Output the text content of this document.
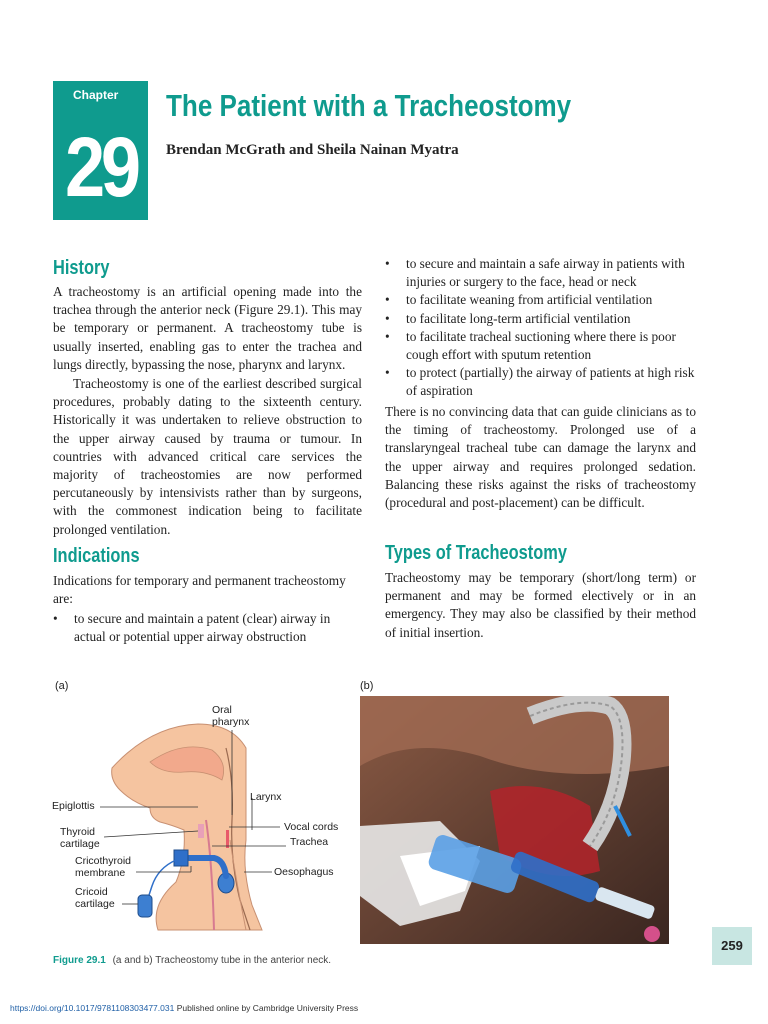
Chapter
29
The Patient with a Tracheostomy
Brendan McGrath and Sheila Nainan Myatra
History

A tracheostomy is an artificial opening made into the trachea through the anterior neck (Figure 29.1). This may be temporary or permanent. A tracheostomy tube is usually inserted, enabling gas to enter the trachea and lungs directly, bypassing the nose, pharynx and larynx.

Tracheostomy is one of the earliest described surgical procedures, probably dating to the sixteenth century. Historically it was undertaken to relieve obstruction to the upper airway caused by trauma or tumour. In countries with advanced critical care services the majority of tracheostomies are now performed percutaneously by intensivists rather than by surgeons, with the commonest indication being to facilitate prolonged ventilation.

Indications

Indications for temporary and permanent tracheostomy are:

• to secure and maintain a patent (clear) airway in actual or potential upper airway obstruction
• to secure and maintain a safe airway in patients with injuries or surgery to the face, head or neck
• to facilitate weaning from artificial ventilation
• to facilitate long-term artificial ventilation
• to facilitate tracheal suctioning where there is poor cough effort with sputum retention
• to protect (partially) the airway of patients at high risk of aspiration

There is no convincing data that can guide clinicians as to the timing of tracheostomy. Prolonged use of a translaryngeal tracheal tube can damage the larynx and the upper airway and requires prolonged sedation. Balancing these risks against the risks of tracheostomy (procedural and post-placement) can be difficult.

Types of Tracheostomy

Tracheostomy may be temporary (short/long term) or permanent and may be formed electively or in an emergency. They may also be classified by their method of initial insertion.

(a)	(b)
Oral pharynx
Larynx
Epiglottis
Thyroid cartilage
Vocal cords
Trachea
Cricothyroid membrane	Oesophagus
Cricoid cartilage
Figure 29.1 (a and b) Tracheostomy tube in the anterior neck.
259
https://doi.org/10.1017/9781108303477.031 Published online by Cambridge University Press
